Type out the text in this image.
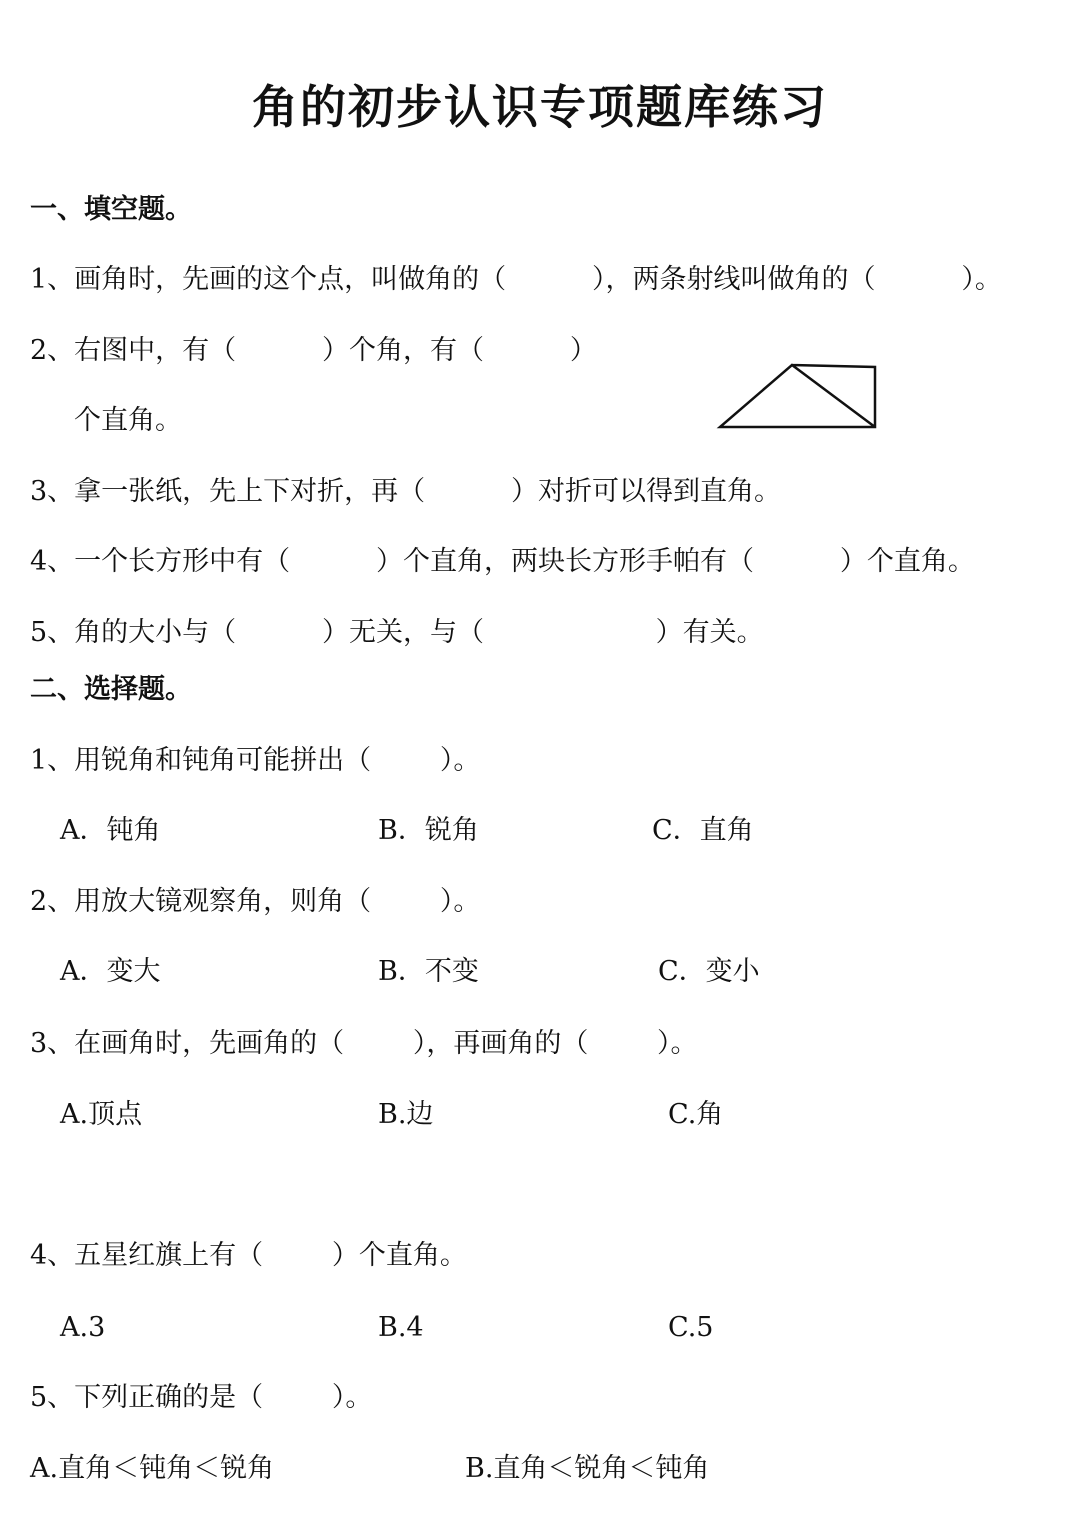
角的初步认识专项题库练习
一、填空题。
1、画角时，先画的这个点，叫做角的（          ），两条射线叫做角的（          ）。
2、右图中，有（          ）个角，有（          ）
个直角。
3、拿一张纸，先上下对折，再（          ）对折可以得到直角。
4、一个长方形中有（          ）个直角，两块长方形手帕有（          ）个直角。
5、角的大小与（          ）无关，与（                    ）有关。
二、选择题。
1、用锐角和钝角可能拼出（        ）。
A．钝角	B．锐角	C．直角
2、用放大镜观察角，则角（        ）。
A．变大	B．不变	C．变小
3、在画角时，先画角的（        ），再画角的（        ）。
A.顶点	B.边	C.角
4、五星红旗上有（        ）个直角。
A.3	B.4	C.5
5、下列正确的是（        ）。
A.直角＜钝角＜锐角	B.直角＜锐角＜钝角
